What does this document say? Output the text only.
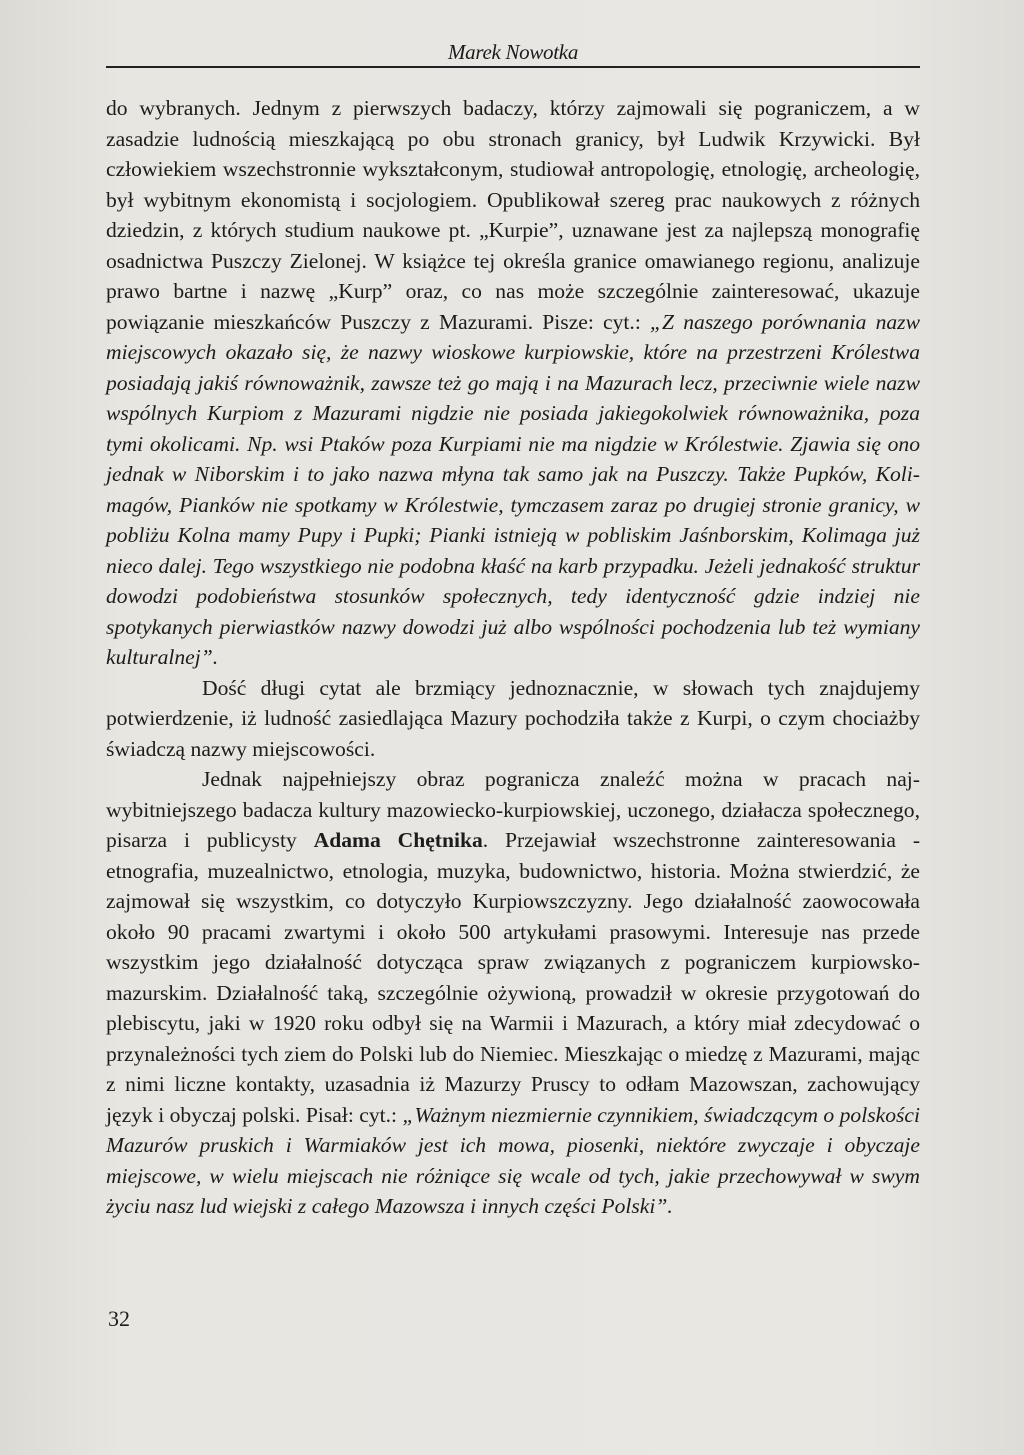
Marek Nowotka

do wybranych. Jednym z pierwszych badaczy, którzy zajmowali się pograniczem, a w zasadzie ludnością mieszkającą po obu stronach granicy, był Ludwik Krzywicki. Był człowiekiem wszechstronnie wykształconym, studiował antropologię, etnologię, archeologię, był wybitnym ekonomistą i socjologiem. Opublikował szereg prac naukowych z różnych dziedzin, z których studium naukowe pt. „Kurpie”, uznawane jest za najlepszą monografię osadnictwa Puszczy Zielonej. W książce tej określa granice omawianego regionu, analizuje prawo bartne i nazwę „Kurp” oraz, co nas może szczególnie zainteresować, ukazuje powiązanie mieszkańców Puszczy z Mazurami. Pisze: cyt.: „Z naszego porównania nazw miejscowych okazało się, że nazwy wioskowe kurpiowskie, które na przestrzeni Królestwa posiadają jakiś równoważnik, zawsze też go mają i na Mazurach lecz, przeciwnie wiele nazw wspólnych Kurpiom z Mazurami nigdzie nie posiada jakiegokolwiek równoważnika, poza tymi okolicami. Np. wsi Ptaków poza Kurpiami nie ma nigdzie w Królestwie. Zjawia się ono jednak w Niborskim i to jako nazwa młyna tak samo jak na Puszczy. Także Pupków, Kolimagów, Pianków nie spotkamy w Królestwie, tymczasem zaraz po drugiej stronie granicy, w pobliżu Kolna mamy Pupy i Pupki; Pianki istnieją w pobliskim Jaśnborskim, Kolimaga już nieco dalej. Tego wszystkiego nie podobna kłaść na karb przypadku. Jeżeli jednakość struktur dowodzi podobieństwa stosunków społecznych, tedy identyczność gdzie indziej nie spotykanych pierwiastków nazwy dowodzi już albo wspólności pochodzenia lub też wymiany kulturalnej”.

Dość długi cytat ale brzmiący jednoznacznie, w słowach tych znajdujemy potwierdzenie, iż ludność zasiedlająca Mazury pochodziła także z Kurpi, o czym chociażby świadczą nazwy miejscowości.

Jednak najpełniejszy obraz pogranicza znaleźć można w pracach najwybitniejszego badacza kultury mazowiecko-kurpiowskiej, uczonego, działacza społecznego, pisarza i publicysty Adama Chętnika. Przejawiał wszechstronne zainteresowania - etnografia, muzealnictwo, etnologia, muzyka, budownictwo, historia. Można stwierdzić, że zajmował się wszystkim, co dotyczyło Kurpiowszczyzny. Jego działalność zaowocowała około 90 pracami zwartymi i około 500 artykułami prasowymi. Interesuje nas przede wszystkim jego działalność dotycząca spraw związanych z pograniczem kurpiowsko-mazurskim. Działalność taką, szczególnie ożywioną, prowadził w okresie przygotowań do plebiscytu, jaki w 1920 roku odbył się na Warmii i Mazurach, a który miał zdecydować o przynależności tych ziem do Polski lub do Niemiec. Mieszkając o miedzę z Mazurami, mając z nimi liczne kontakty, uzasadnia iż Mazurzy Pruscy to odłam Mazowszan, zachowujący język i obyczaj polski. Pisał: cyt.: „Ważnym niezmiernie czynnikiem, świadczącym o polskości Mazurów pruskich i Warmiaków jest ich mowa, piosenki, niektóre zwyczaje i obyczaje miejscowe, w wielu miejscach nie różniące się wcale od tych, jakie przechowywał w swym życiu nasz lud wiejski z całego Mazowsza i innych części Polski”.

32
